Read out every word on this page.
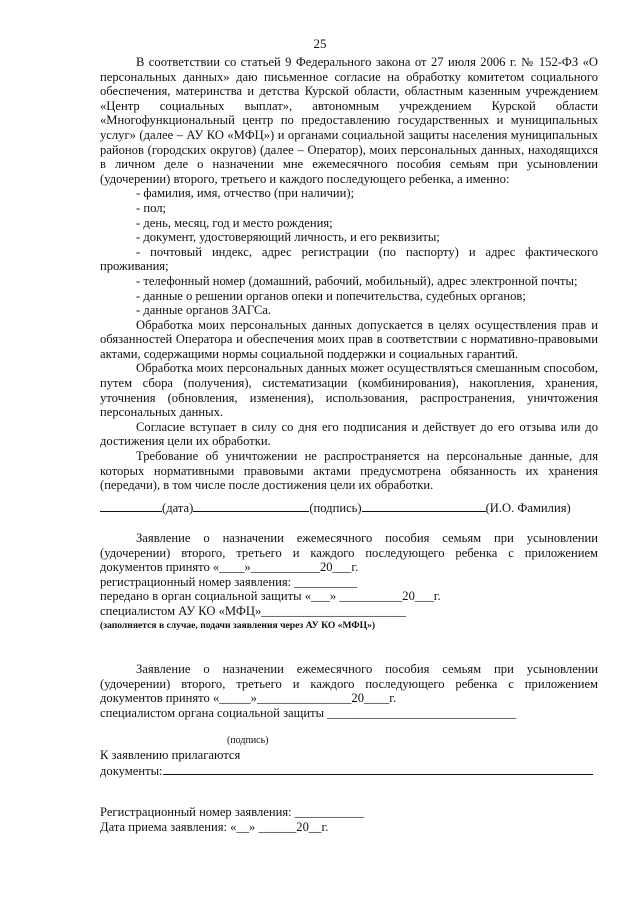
25

В соответствии со статьей 9 Федерального закона от 27 июля 2006 г. № 152-ФЗ «О персональных данных» даю письменное согласие на обработку комитетом социального обеспечения, материнства и детства Курской области, областным казенным учреждением «Центр социальных выплат», автономным учреждением Курской области «Многофункциональный центр по предоставлению государственных и муниципальных услуг» (далее – АУ КО «МФЦ») и органами социальной защиты населения муниципальных районов (городских округов) (далее – Оператор), моих персональных данных, находящихся в личном деле о назначении мне ежемесячного пособия семьям при усыновлении (удочерении) второго, третьего и каждого последующего ребенка, а именно:

- фамилия, имя, отчество (при наличии);

- пол;

- день, месяц, год и место рождения;

- документ, удостоверяющий личность, и его реквизиты;

- почтовый индекс, адрес регистрации (по паспорту) и адрес фактического проживания;

- телефонный номер (домашний, рабочий, мобильный), адрес электронной почты;

- данные о решении органов опеки и попечительства, судебных органов;

- данные органов ЗАГСа.

Обработка моих персональных данных допускается в целях осуществления прав и обязанностей Оператора и обеспечения моих прав в соответствии с нормативно-правовыми актами, содержащими нормы социальной поддержки и социальных гарантий.

Обработка моих персональных данных может осуществляться смешанным способом, путем сбора (получения), систематизации (комбинирования), накопления, хранения, уточнения (обновления, изменения), использования, распространения, уничтожения персональных данных.

Согласие вступает в силу со дня его подписания и действует до его отзыва или до достижения цели их обработки.

Требование об уничтожении не распространяется на персональные данные, для которых нормативными правовыми актами предусмотрена обязанность их хранения (передачи), в том числе после достижения цели их обработки.

(дата)	(подпись)	(И.О. Фамилия)

Заявление о назначении ежемесячного пособия семьям при усыновлении (удочерении) второго, третьего и каждого последующего ребенка с приложением документов принято «____»___________20___г.

регистрационный номер заявления: __________

передано в орган социальной защиты «___» __________20___г.

специалистом АУ КО «МФЦ»_______________________

(заполняется в случае, подачи заявления через АУ КО «МФЦ»)

Заявление о назначении ежемесячного пособия семьям при усыновлении (удочерении) второго, третьего и каждого последующего ребенка с приложением документов принято «_____»_______________20____г.

специалистом органа социальной защиты ______________________________

(подпись)

К заявлению прилагаются

документы:

Регистрационный номер заявления: ___________

Дата приема заявления: «__» ______20__г.
